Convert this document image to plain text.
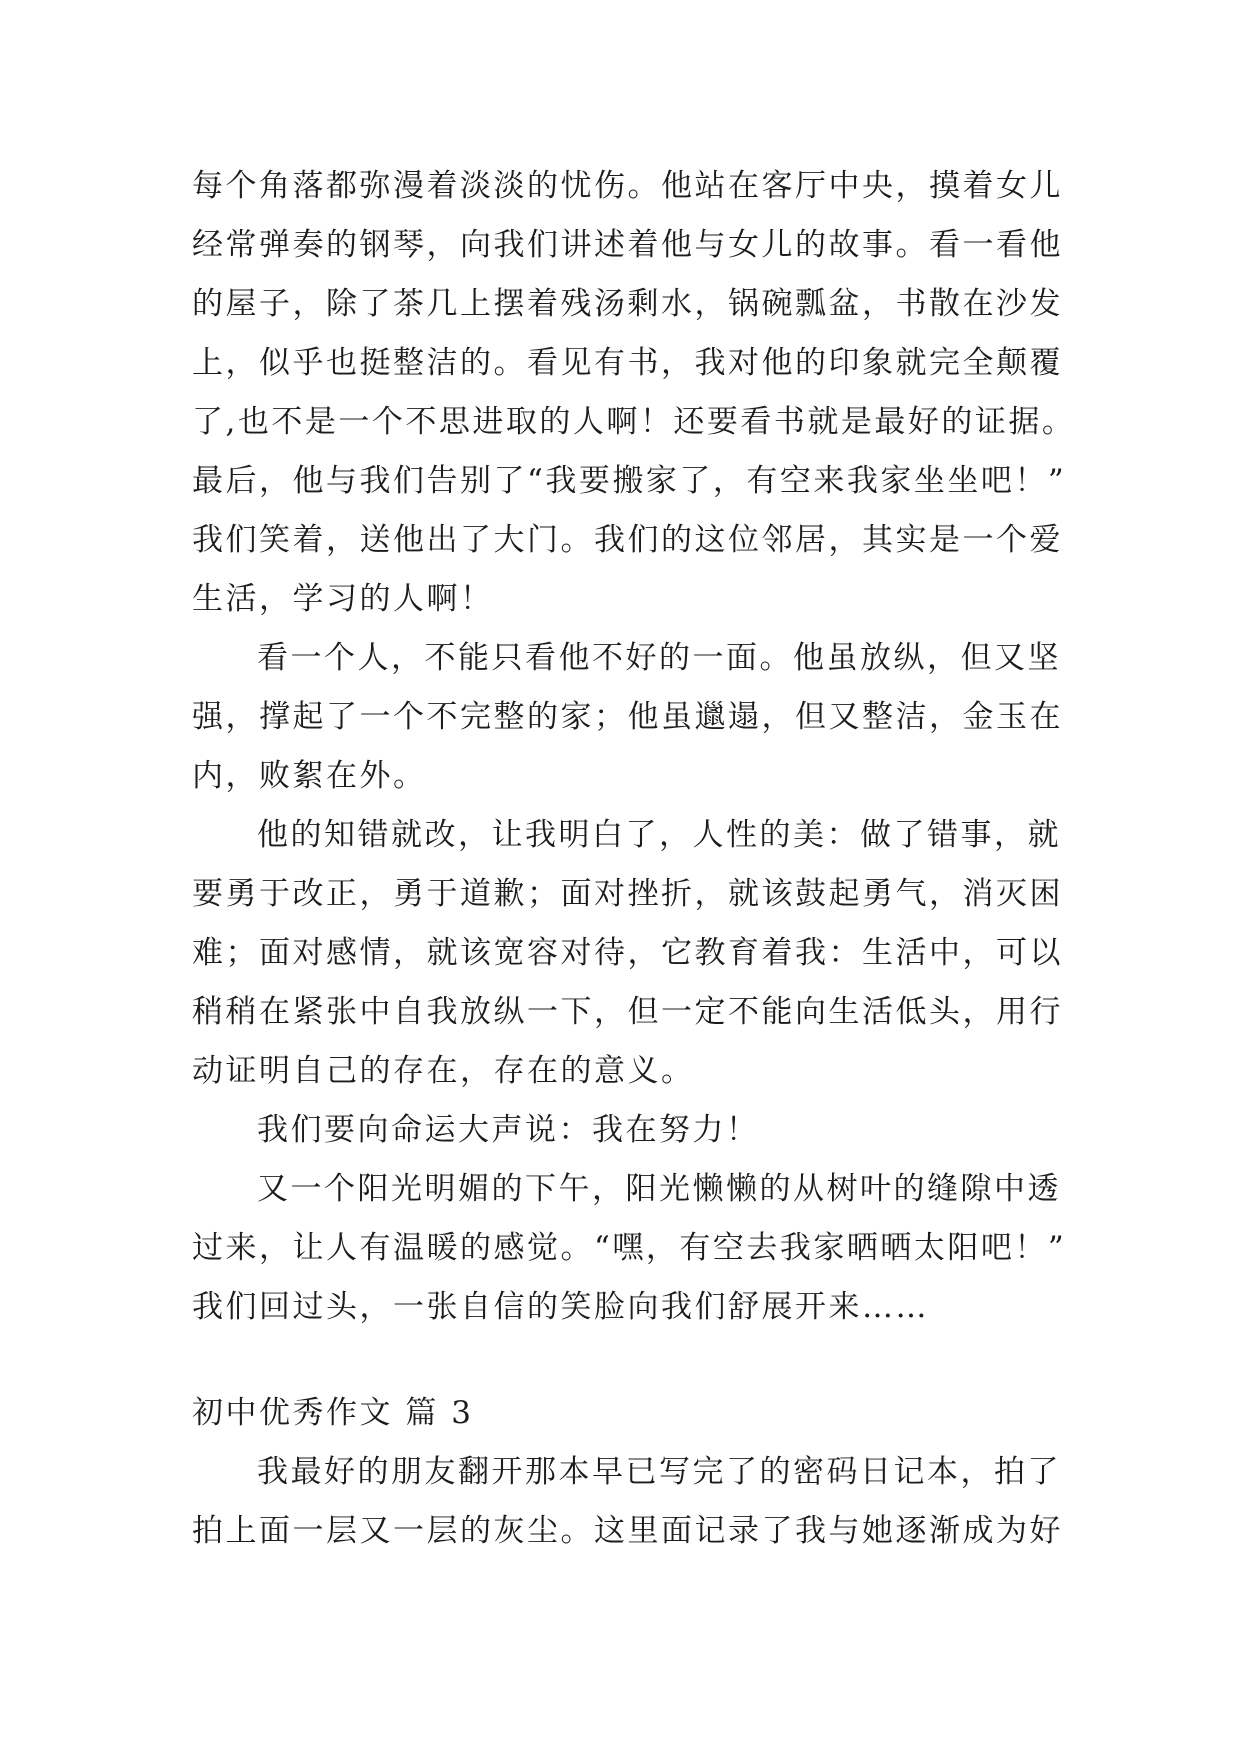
每个角落都弥漫着淡淡的忧伤。他站在客厅中央，摸着女儿
经常弹奏的钢琴，向我们讲述着他与女儿的故事。看一看他
的屋子，除了茶几上摆着残汤剩水，锅碗瓢盆，书散在沙发
上，似乎也挺整洁的。看见有书，我对他的印象就完全颠覆
了,也不是一个不思进取的人啊！还要看书就是最好的证据。
最后，他与我们告别了“我要搬家了，有空来我家坐坐吧！”
我们笑着，送他出了大门。我们的这位邻居，其实是一个爱
生活，学习的人啊！
看一个人，不能只看他不好的一面。他虽放纵，但又坚
强，撑起了一个不完整的家；他虽邋遢，但又整洁，金玉在
内，败絮在外。
他的知错就改，让我明白了，人性的美：做了错事，就
要勇于改正，勇于道歉；面对挫折，就该鼓起勇气，消灭困
难；面对感情，就该宽容对待，它教育着我：生活中，可以
稍稍在紧张中自我放纵一下，但一定不能向生活低头，用行
动证明自己的存在，存在的意义。
我们要向命运大声说：我在努力！
又一个阳光明媚的下午，阳光懒懒的从树叶的缝隙中透
过来，让人有温暖的感觉。“嘿，有空去我家晒晒太阳吧！”
我们回过头，一张自信的笑脸向我们舒展开来……
初中优秀作文 篇 3
我最好的朋友翻开那本早已写完了的密码日记本，拍了
拍上面一层又一层的灰尘。这里面记录了我与她逐渐成为好
